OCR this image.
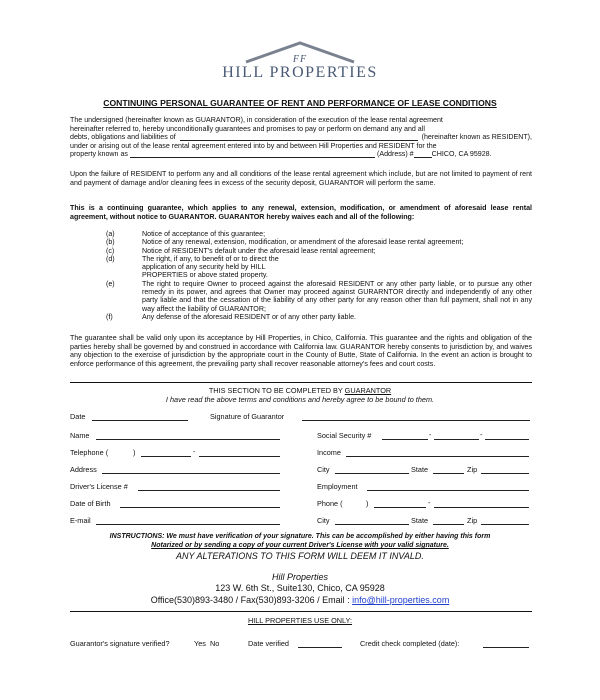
FF
HILL PROPERTIES
CONTINUING PERSONAL GUARANTEE OF RENT AND PERFORMANCE OF LEASE CONDITIONS
The undersigned (hereinafter known as GUARANTOR), in consideration of the execution of the lease rental agreement
hereinafter referred to, hereby unconditionally guarantees and promises to pay or perform on demand any and all
debts, obligations and liabilities of	(hereinafter known as RESIDENT),
under or arising out of the lease rental agreement entered into by and between Hill Properties and RESIDENT for the
property known as	(Address) #	CHICO, CA 95928.
Upon the failure of RESIDENT to perform any and all conditions of the lease rental agreement which include, but are not limited to payment of rent and payment of damage and/or cleaning fees in excess of the security deposit, GUARANTOR will perform the same.
This is a continuing guarantee, which applies to any renewal, extension, modification, or amendment of aforesaid lease rental agreement, without notice to GUARANTOR. GUARANTOR hereby waives each and all of the following:
(a)	Notice of acceptance of this guarantee;
(b)	Notice of any renewal, extension, modification, or amendment of the aforesaid lease rental agreement;
(c)	Notice of RESIDENT's default under the aforesaid lease rental agreement;
(d)	The right, if any, to benefit of or to direct the application of any security held by HILL PROPERTIES or above stated property.
(e)	The right to require Owner to proceed against the aforesaid RESIDENT or any other party liable, or to pursue any other remedy in its power, and agrees that Owner may proceed against GURARNTOR directly and independently of any other party liable and that the cessation of the liability of any other party for any reason other than full payment, shall not in any way affect the liability of GUARANTOR;
(f)	Any defense of the aforesaid RESIDENT or of any other party liable.
The guarantee shall be valid only upon its acceptance by Hill Properties, in Chico, California. This guarantee and the rights and obligation of the parties hereby shall be governed by and construed in accordance with California law. GUARANTOR hereby consents to jurisdiction by, and waives any objection to the exercise of jurisdiction by the appropriate court in the County of Butte, State of California. In the event an action is brought to enforce performance of this agreement, the prevailing party shall recover reasonable attorney's fees and court costs.
THIS SECTION TO BE COMPLETED BY GUARANTOR
I have read the above terms and conditions and hereby agree to be bound to them.
Date	Signature of Guarantor
Name	Social Security #	-	-
Telephone (	)	-	Income
Address	City	State	Zip
Driver's License #	Employment
Date of Birth	Phone (	)	-
E-mail	City	State	Zip
INSTRUCTIONS: We must have verification of your signature. This can be accomplished by either having this form
Notarized or by sending a copy of your current Driver's License with your valid signature.
ANY ALTERATIONS TO THIS FORM WILL DEEM IT INVALD.
Hill Properties
123 W. 6th St., Suite130, Chico, CA 95928
Office(530)893-3480 / Fax(530)893-3206 / Email : info@hill-properties.com
HILL PROPERTIES USE ONLY:
Guarantor's signature verified?	Yes No	Date verified	Credit check completed (date):
